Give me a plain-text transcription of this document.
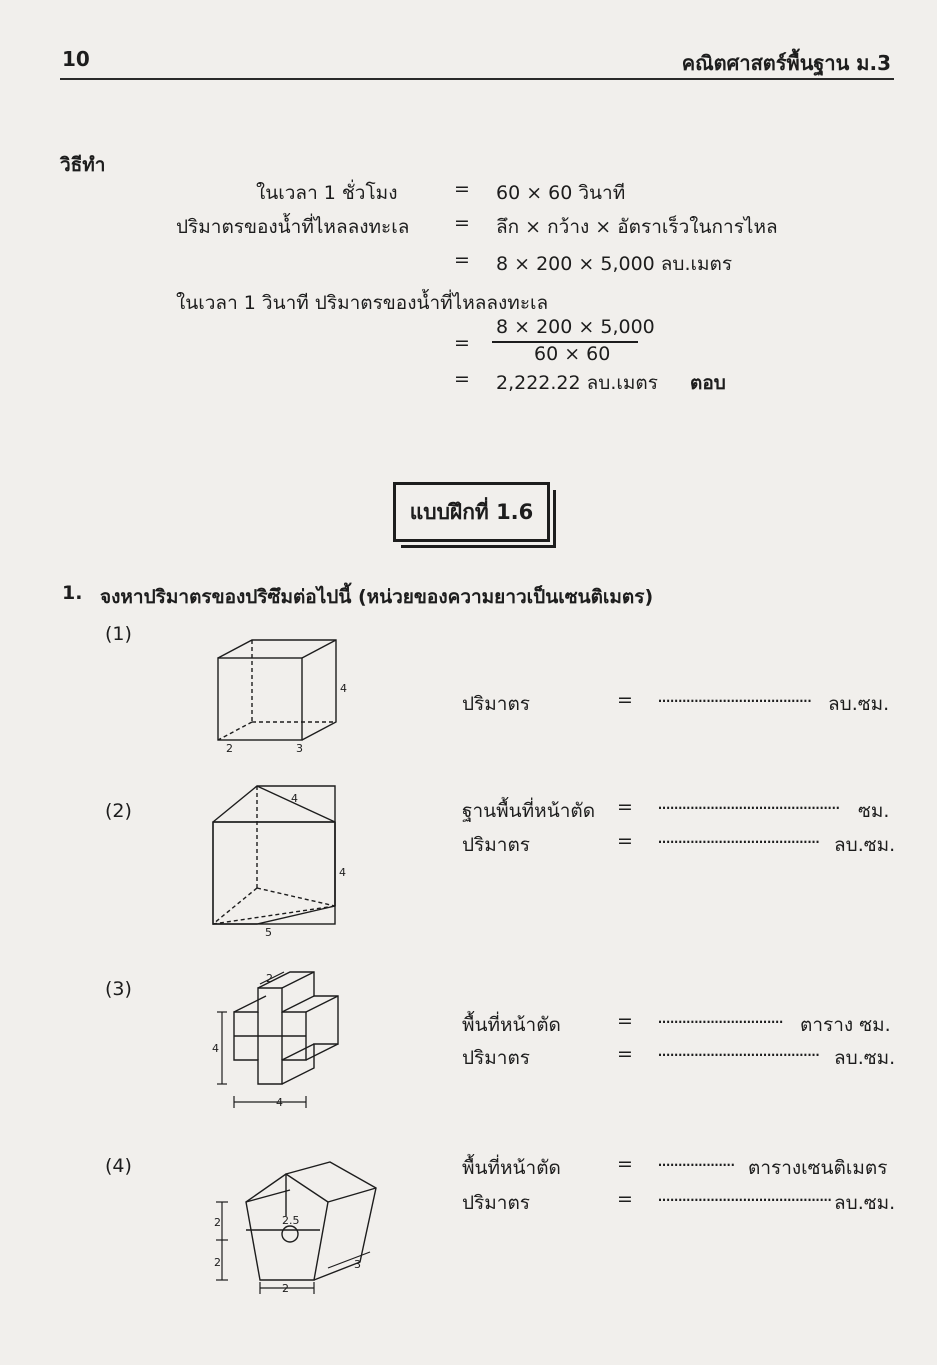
10	คณิตศาสตร์พื้นฐาน ม.3
วิธีทำ
ในเวลา 1 ชั่วโมง	= 60 × 60 วินาที
ปริมาตรของน้ำที่ไหลลงทะเล = ลึก × กว้าง × อัตราเร็วในการไหล
= 8 × 200 × 5,000 ลบ.เมตร
ในเวลา 1 วินาที ปริมาตรของน้ำที่ไหลลงทะเล
=
8 × 200 × 5,000
60 × 60
= 2,222.22 ลบ.เมตร ตอบ
แบบฝึกที่ 1.6
1. จงหาปริมาตรของปริซึมต่อไปนี้ (หน่วยของความยาวเป็นเซนติเมตร)
(1)
4
2	3
ปริมาตร	= ...................................... ลบ.ซม.
(2)
4
4
5
ฐานพื้นที่หน้าตัด = ............................................. ซม.
ปริมาตร	= ........................................ ลบ.ซม.
(3)
4
2
4
พื้นที่หน้าตัด	= ............................... ตาราง ซม.
ปริมาตร	= ........................................ ลบ.ซม.
(4)
2
2
2.5
3
2
พื้นที่หน้าตัด	= ................... ตารางเซนติเมตร
ปริมาตร	= ........................................... ลบ.ซม.
